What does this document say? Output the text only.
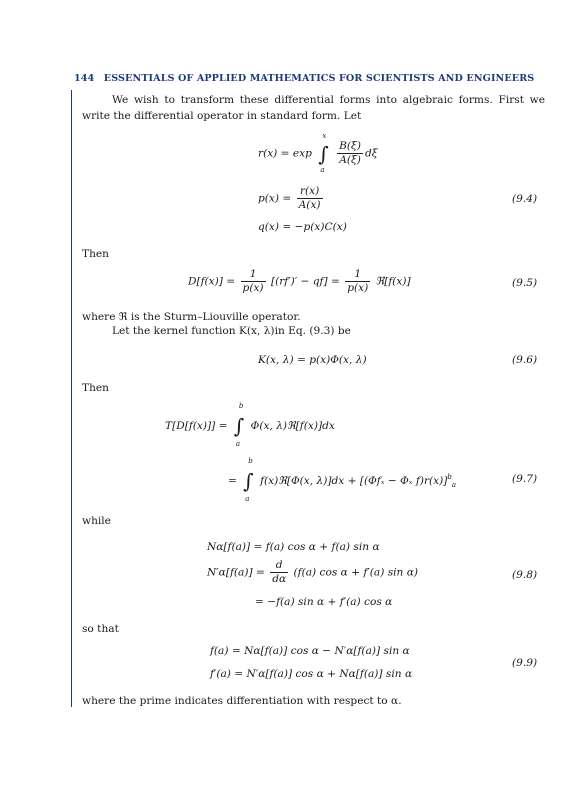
144 ESSENTIALS OF APPLIED MATHEMATICS FOR SCIENTISTS AND ENGINEERS
We wish to transform these differential forms into algebraic forms. First we write the differential operator in standard form. Let
r(x) = exp ∫
x
a

$\frac{B(\xi)}{A(\xi)}$ dξ
$p(x) = \frac{r(x)}{A(x)}$	(9.4)
q(x) = −p(x)C(x)
Then
$D[f(x)] = \frac{1}{p(x)} [(rf')' - qf] = \frac{1}{p(x)}$ ℜ[f(x)]	(9.5)
where ℜ is the Sturm–Liouville operator.
Let the kernel function K(x, λ)in Eq. (9.3) be
K(x, λ) = p(x)Φ(x, λ)	(9.6)
Then
T[D[f(x)]] = ∫
b
a
Φ(x, λ)ℜ[f(x)]dx
= ∫
b
a
f(x)ℜ[Φ(x, λ)]dx + [(Φfₓ − Φₓ f)r(x)]$^b_a$	(9.7)
while
Nα[f(a)] = f(a) cos α + f(a) sin α
$N'\alpha[f(a)] = \frac{d}{d\alpha} (f(a)$ cos α + f′(a) sin α)	(9.8)
= −f(a) sin α + f′(a) cos α
so that
f(a) = Nα[f(a)] cos α − N′α[f(a)] sin α
f′(a) = N′α[f(a)] cos α + Nα[f(a)] sin α
(9.9)
where the prime indicates differentiation with respect to α.
